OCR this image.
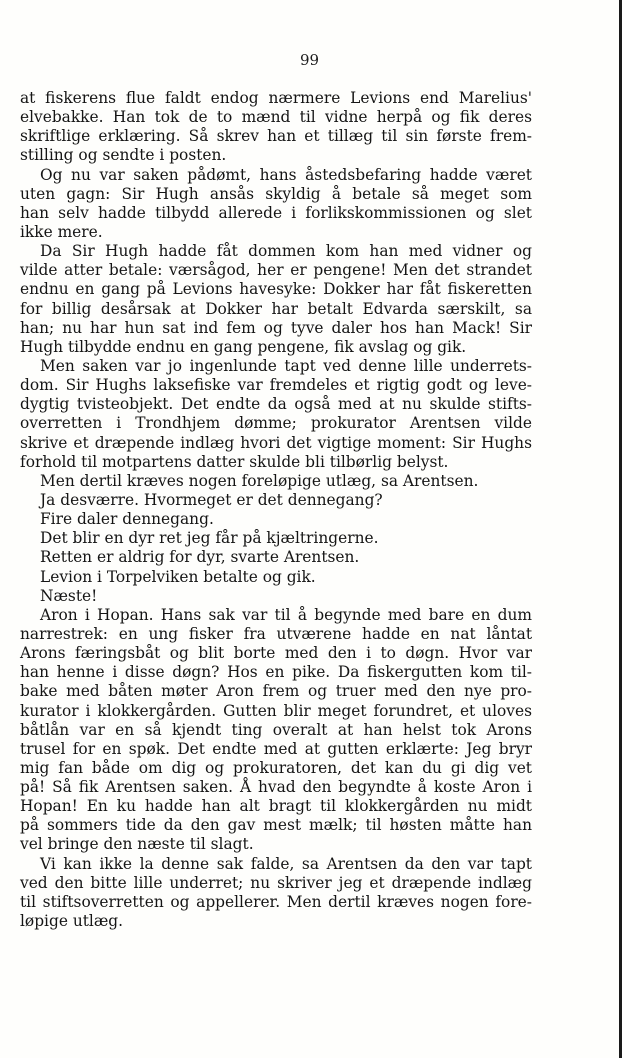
99
at fiskerens flue faldt endog nærmere Levions end Marelius'
elvebakke. Han tok de to mænd til vidne herpå og fik deres
skriftlige erklæring. Så skrev han et tillæg til sin første frem-
stilling og sendte i posten.
Og nu var saken pådømt, hans åstedsbefaring hadde været
uten gagn: Sir Hugh ansås skyldig å betale så meget som
han selv hadde tilbydd allerede i forlikskommissionen og slet
ikke mere.
Da Sir Hugh hadde fåt dommen kom han med vidner og
vilde atter betale: værsågod, her er pengene! Men det strandet
endnu en gang på Levions havesyke: Dokker har fåt fiskeretten
for billig desårsak at Dokker har betalt Edvarda særskilt, sa
han; nu har hun sat ind fem og tyve daler hos han Mack! Sir
Hugh tilbydde endnu en gang pengene, fik avslag og gik.
Men saken var jo ingenlunde tapt ved denne lille underrets-
dom. Sir Hughs laksefiske var fremdeles et rigtig godt og leve-
dygtig tvisteobjekt. Det endte da også med at nu skulde stifts-
overretten i Trondhjem dømme; prokurator Arentsen vilde
skrive et dræpende indlæg hvori det vigtige moment: Sir Hughs
forhold til motpartens datter skulde bli tilbørlig belyst.
Men dertil kræves nogen foreløpige utlæg, sa Arentsen.
Ja desværre. Hvormeget er det dennegang?
Fire daler dennegang.
Det blir en dyr ret jeg får på kjæltringerne.
Retten er aldrig for dyr, svarte Arentsen.
Levion i Torpelviken betalte og gik.
Næste!
Aron i Hopan. Hans sak var til å begynde med bare en dum
narrestrek: en ung fisker fra utværene hadde en nat låntat
Arons færingsbåt og blit borte med den i to døgn. Hvor var
han henne i disse døgn? Hos en pike. Da fiskergutten kom til-
bake med båten møter Aron frem og truer med den nye pro-
kurator i klokkergården. Gutten blir meget forundret, et uloves
båtlån var en så kjendt ting overalt at han helst tok Arons
trusel for en spøk. Det endte med at gutten erklærte: Jeg bryr
mig fan både om dig og prokuratoren, det kan du gi dig vet
på! Så fik Arentsen saken. Å hvad den begyndte å koste Aron i
Hopan! En ku hadde han alt bragt til klokkergården nu midt
på sommers tide da den gav mest mælk; til høsten måtte han
vel bringe den næste til slagt.
Vi kan ikke la denne sak falde, sa Arentsen da den var tapt
ved den bitte lille underret; nu skriver jeg et dræpende indlæg
til stiftsoverretten og appellerer. Men dertil kræves nogen fore-
løpige utlæg.
